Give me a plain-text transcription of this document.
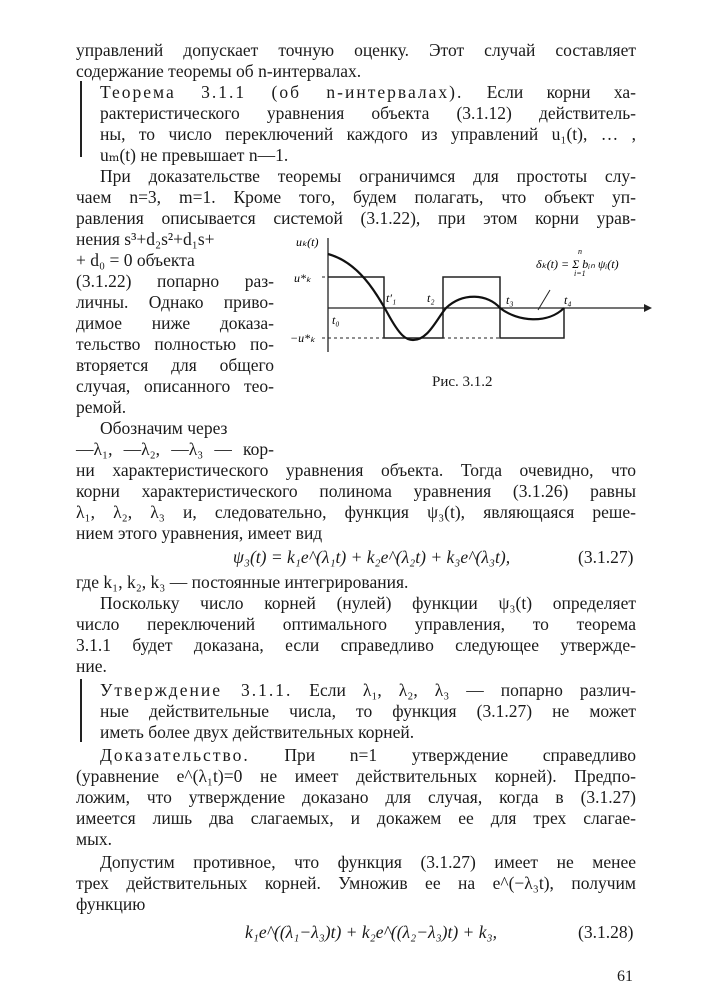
управлений допускает точную оценку. Этот случай составляет
содержание теоремы об n-интервалах.
Теорема 3.1.1 (об n-интервалах). Если корни ха-
рактеристического уравнения объекта (3.1.12) действитель-
ны, то число переключений каждого из управлений u₁(t), … ,
uₘ(t) не превышает n—1.
При доказательстве теоремы ограничимся для простоты слу-
чаем n=3, m=1. Кроме того, будем полагать, что объект уп-
равления описывается системой (3.1.22), при этом корни урав-
нения s³+d₂s²+d₁s+
+ d₀ = 0 объекта
(3.1.22) попарно раз-
личны. Однако приво-
димое ниже доказа-
тельство полностью по-
вторяется для общего
случая, описанного тео-
ремой.
Обозначим через
—λ₁, —λ₂, —λ₃ — кор-
uₖ(t)
u*ₖ
−u*ₖ
t₀
t′₁	t₂	t₃	t₄
δₖ(t) = Σ bᵢₙ ψᵢ(t)
n
i=1
Рис. 3.1.2
ни характеристического уравнения объекта. Тогда очевидно, что
корни характеристического полинома уравнения (3.1.26) равны
λ₁, λ₂, λ₃ и, следовательно, функция ψ₃(t), являющаяся реше-
нием этого уравнения, имеет вид
ψ₃(t) = k₁e^(λ₁t) + k₂e^(λ₂t) + k₃e^(λ₃t),	(3.1.27)
где k₁, k₂, k₃ — постоянные интегрирования.
Поскольку число корней (нулей) функции ψ₃(t) определяет
число переключений оптимального управления, то теорема
3.1.1 будет доказана, если справедливо следующее утвержде-
ние.
Утверждение 3.1.1. Если λ₁, λ₂, λ₃ — попарно различ-
ные действительные числа, то функция (3.1.27) не может
иметь более двух действительных корней.
Доказательство. При n=1 утверждение справедливо
(уравнение e^(λ₁t)=0 не имеет действительных корней). Предпо-
ложим, что утверждение доказано для случая, когда в (3.1.27)
имеется лишь два слагаемых, и докажем ее для трех слагае-
мых.
Допустим противное, что функция (3.1.27) имеет не менее
трех действительных корней. Умножив ее на e^(−λ₃t), получим
функцию
k₁e^((λ₁−λ₃)t) + k₂e^((λ₂−λ₃)t) + k₃,	(3.1.28)
61
